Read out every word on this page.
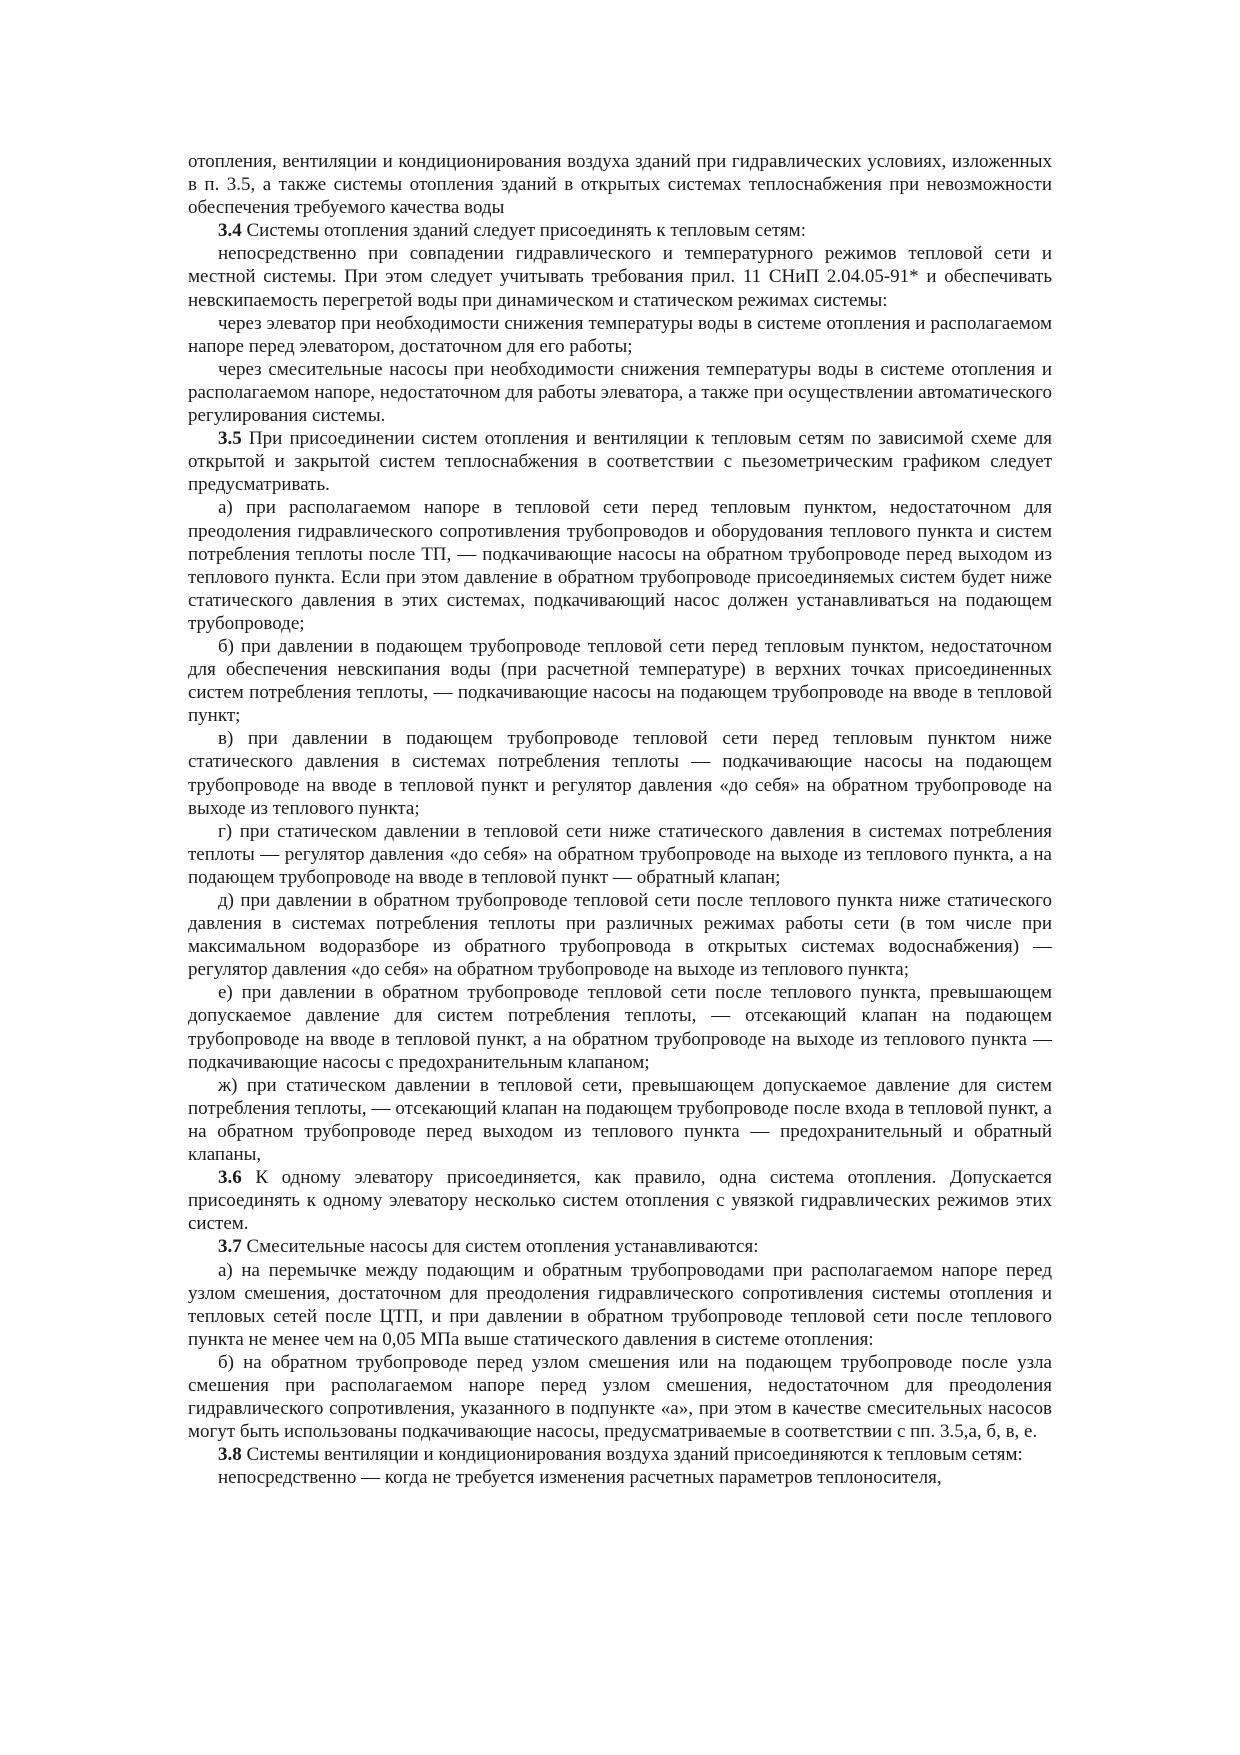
отопления, вентиляции и кондиционирования воздуха зданий при гидравлических условиях, изложенных в п. 3.5, а также системы отопления зданий в открытых системах теплоснабжения при невозможности обеспечения требуемого качества воды

3.4 Системы отопления зданий следует присоединять к тепловым сетям:

непосредственно при совпадении гидравлического и температурного режимов тепловой сети и местной системы. При этом следует учитывать требования прил. 11 СНиП 2.04.05-91* и обеспечивать невскипаемость перегретой воды при динамическом и статическом режимах системы:

через элеватор при необходимости снижения температуры воды в системе отопления и располагаемом напоре перед элеватором, достаточном для его работы;

через смесительные насосы при необходимости снижения температуры воды в системе отопления и располагаемом напоре, недостаточном для работы элеватора, а также при осуществлении автоматического регулирования системы.

3.5 При присоединении систем отопления и вентиляции к тепловым сетям по зависимой схеме для открытой и закрытой систем теплоснабжения в соответствии с пьезометрическим графиком следует предусматривать.

а) при располагаемом напоре в тепловой сети перед тепловым пунктом, недостаточном для преодоления гидравлического сопротивления трубопроводов и оборудования теплового пункта и систем потребления теплоты после ТП, — подкачивающие насосы на обратном трубопроводе перед выходом из теплового пункта. Если при этом давление в обратном трубопроводе присоединяемых систем будет ниже статического давления в этих системах, подкачивающий насос должен устанавливаться на подающем трубопроводе;

б) при давлении в подающем трубопроводе тепловой сети перед тепловым пунктом, недостаточном для обеспечения невскипания воды (при расчетной температуре) в верхних точках присоединенных систем потребления теплоты, — подкачивающие насосы на подающем трубопроводе на вводе в тепловой пункт;

в) при давлении в подающем трубопроводе тепловой сети перед тепловым пунктом ниже статического давления в системах потребления теплоты — подкачивающие насосы на подающем трубопроводе на вводе в тепловой пункт и регулятор давления «до себя» на обратном трубопроводе на выходе из теплового пункта;

г) при статическом давлении в тепловой сети ниже статического давления в системах потребления теплоты — регулятор давления «до себя» на обратном трубопроводе на выходе из теплового пункта, а на подающем трубопроводе на вводе в тепловой пункт — обратный клапан;

д) при давлении в обратном трубопроводе тепловой сети после теплового пункта ниже статического давления в системах потребления теплоты при различных режимах работы сети (в том числе при максимальном водоразборе из обратного трубопровода в открытых системах водоснабжения) — регулятор давления «до себя» на обратном трубопроводе на выходе из теплового пункта;

е) при давлении в обратном трубопроводе тепловой сети после теплового пункта, превышающем допускаемое давление для систем потребления теплоты, — отсекающий клапан на подающем трубопроводе на вводе в тепловой пункт, а на обратном трубопроводе на выходе из теплового пункта — подкачивающие насосы с предохранительным клапаном;

ж) при статическом давлении в тепловой сети, превышающем допускаемое давление для систем потребления теплоты, — отсекающий клапан на подающем трубопроводе после входа в тепловой пункт, а на обратном трубопроводе перед выходом из теплового пункта — предохранительный и обратный клапаны,

3.6 К одному элеватору присоединяется, как правило, одна система отопления. Допускается присоединять к одному элеватору несколько систем отопления с увязкой гидравлических режимов этих систем.

3.7 Смесительные насосы для систем отопления устанавливаются:

а) на перемычке между подающим и обратным трубопроводами при располагаемом напоре перед узлом смешения, достаточном для преодоления гидравлического сопротивления системы отопления и тепловых сетей после ЦТП, и при давлении в обратном трубопроводе тепловой сети после теплового пункта не менее чем на 0,05 МПа выше статического давления в системе отопления:

б) на обратном трубопроводе перед узлом смешения или на подающем трубопроводе после узла смешения при располагаемом напоре перед узлом смешения, недостаточном для преодоления гидравлического сопротивления, указанного в подпункте «а», при этом в качестве смесительных насосов могут быть использованы подкачивающие насосы, предусматриваемые в соответствии с пп. 3.5,а, б, в, е.

3.8 Системы вентиляции и кондиционирования воздуха зданий присоединяются к тепловым сетям:

непосредственно — когда не требуется изменения расчетных параметров теплоносителя,
